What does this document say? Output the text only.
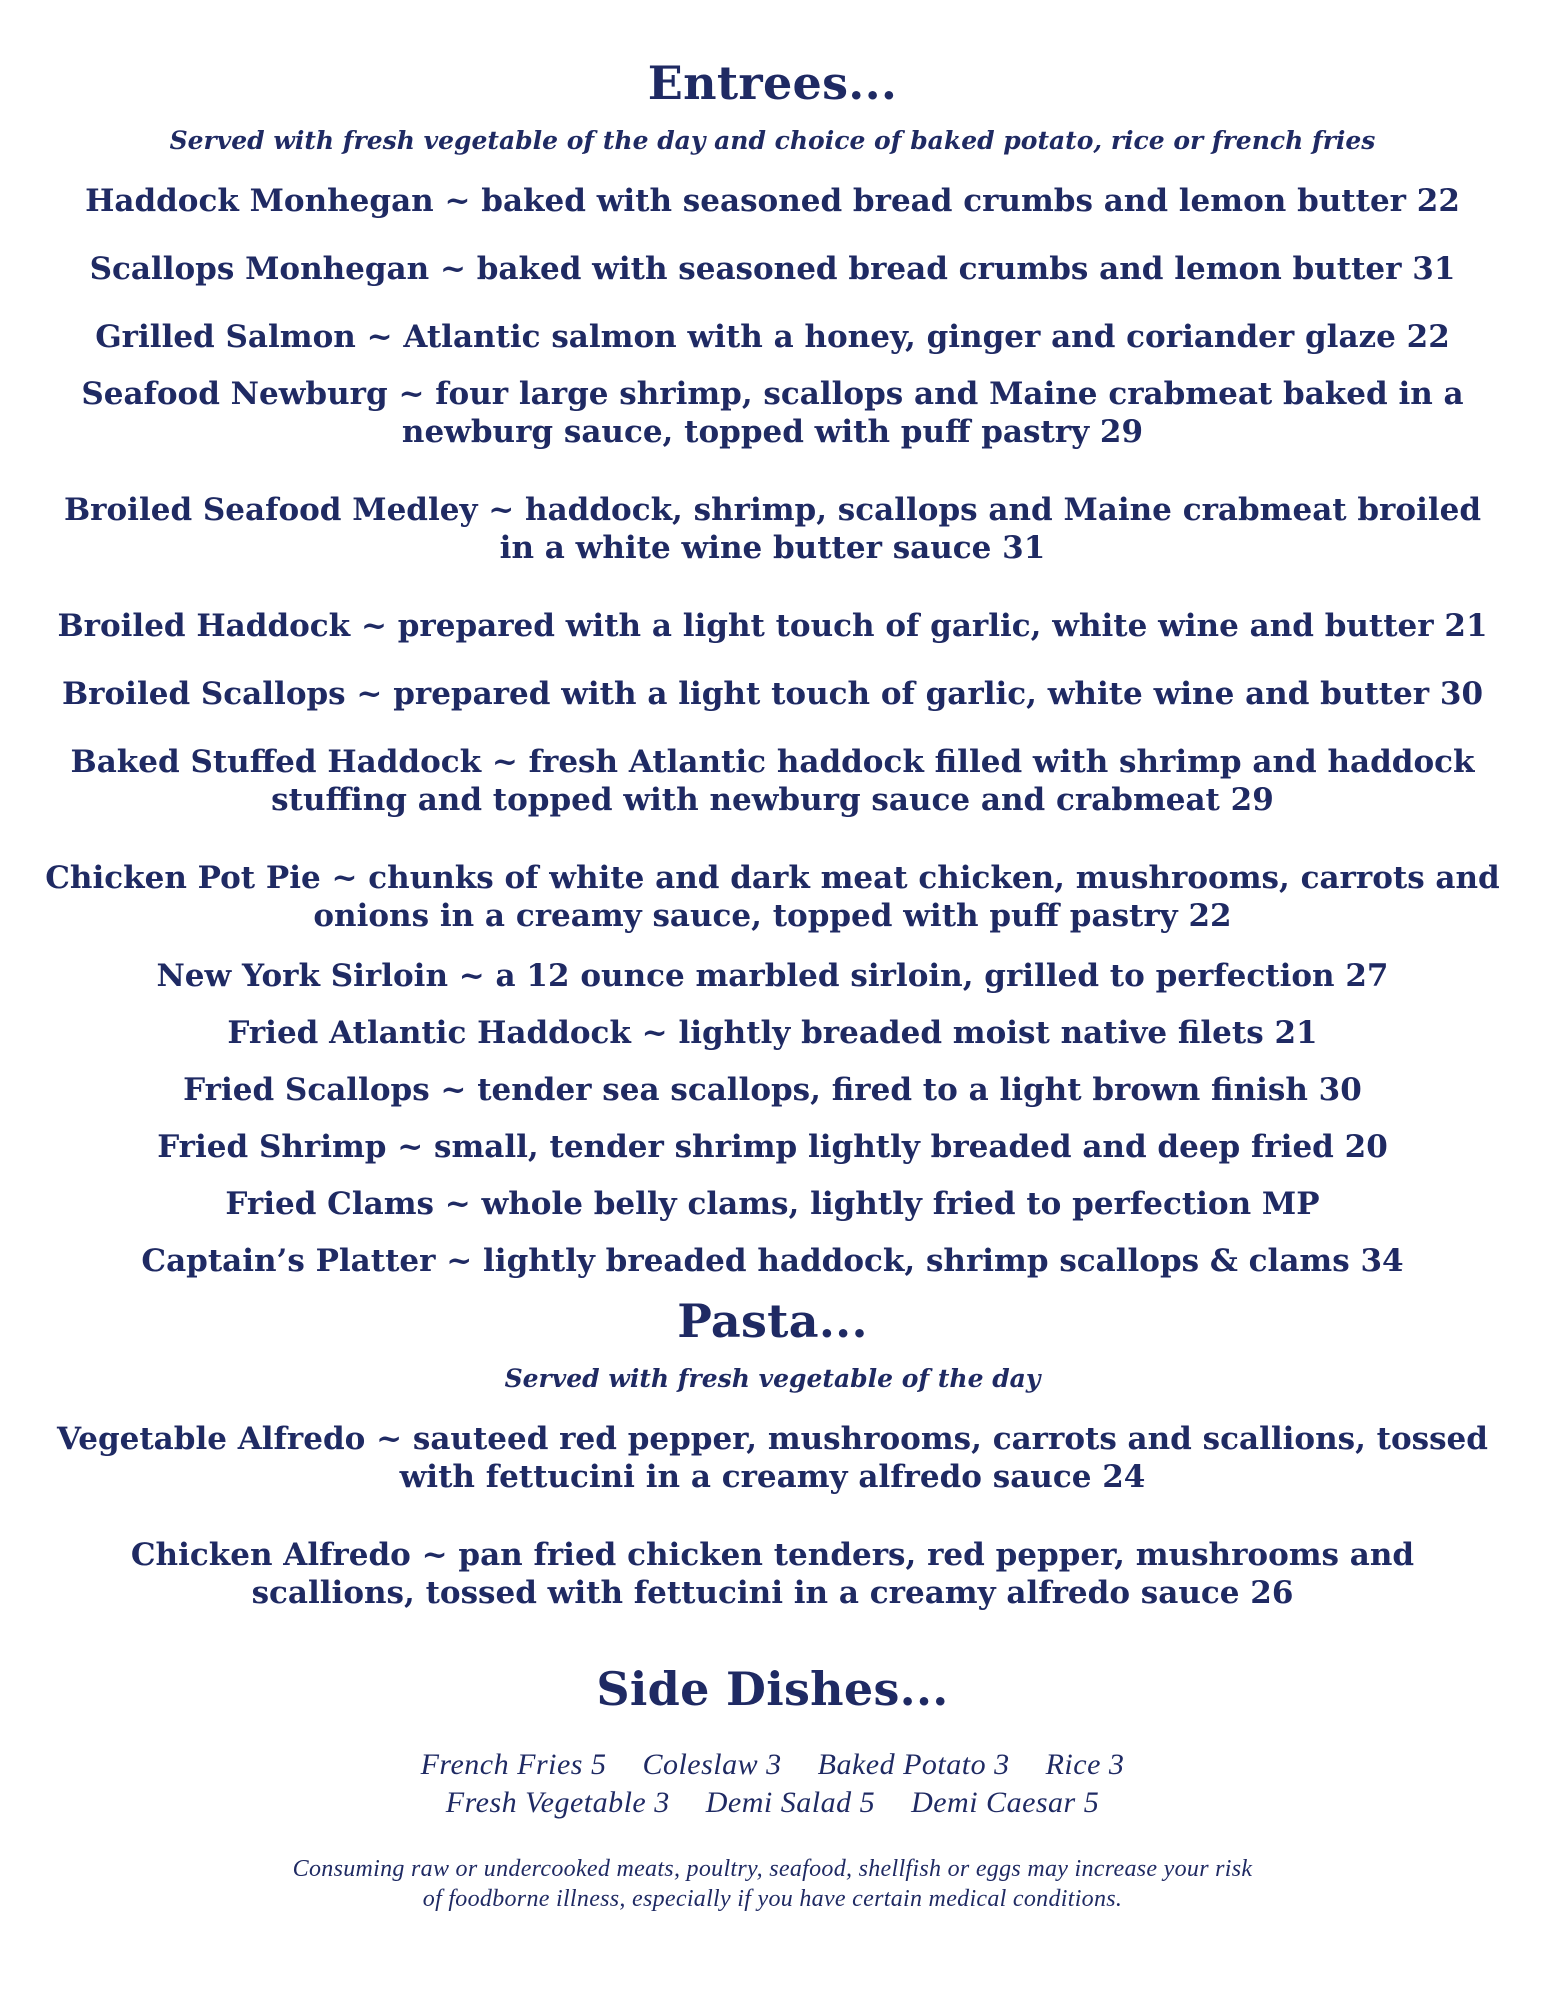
Entrees...
Served with fresh vegetable of the day and choice of baked potato, rice or french fries
Haddock Monhegan ~ baked with seasoned bread crumbs and lemon butter 22
Scallops Monhegan ~ baked with seasoned bread crumbs and lemon butter 31
Grilled Salmon ~ Atlantic salmon with a honey, ginger and coriander glaze 22
Seafood Newburg ~ four large shrimp, scallops and Maine crabmeat baked in a
newburg sauce, topped with puff pastry 29
Broiled Seafood Medley ~ haddock, shrimp, scallops and Maine crabmeat broiled
in a white wine butter sauce 31
Broiled Haddock ~ prepared with a light touch of garlic, white wine and butter 21
Broiled Scallops ~ prepared with a light touch of garlic, white wine and butter 30
Baked Stuffed Haddock ~ fresh Atlantic haddock filled with shrimp and haddock
stuffing and topped with newburg sauce and crabmeat 29
Chicken Pot Pie ~ chunks of white and dark meat chicken, mushrooms, carrots and
onions in a creamy sauce, topped with puff pastry 22
New York Sirloin ~ a 12 ounce marbled sirloin, grilled to perfection 27
Fried Atlantic Haddock ~ lightly breaded moist native filets 21
Fried Scallops ~ tender sea scallops, fired to a light brown finish 30
Fried Shrimp ~ small, tender shrimp lightly breaded and deep fried 20
Fried Clams ~ whole belly clams, lightly fried to perfection MP
Captain’s Platter ~ lightly breaded haddock, shrimp scallops & clams 34
Pasta...
Served with fresh vegetable of the day
Vegetable Alfredo ~ sauteed red pepper, mushrooms, carrots and scallions, tossed
with fettucini in a creamy alfredo sauce 24
Chicken Alfredo ~ pan fried chicken tenders, red pepper, mushrooms and
scallions, tossed with fettucini in a creamy alfredo sauce 26
Side Dishes...
French Fries 5 Coleslaw 3 Baked Potato 3 Rice 3
Fresh Vegetable 3 Demi Salad 5 Demi Caesar 5
Consuming raw or undercooked meats, poultry, seafood, shellfish or eggs may increase your risk
of foodborne illness, especially if you have certain medical conditions.
